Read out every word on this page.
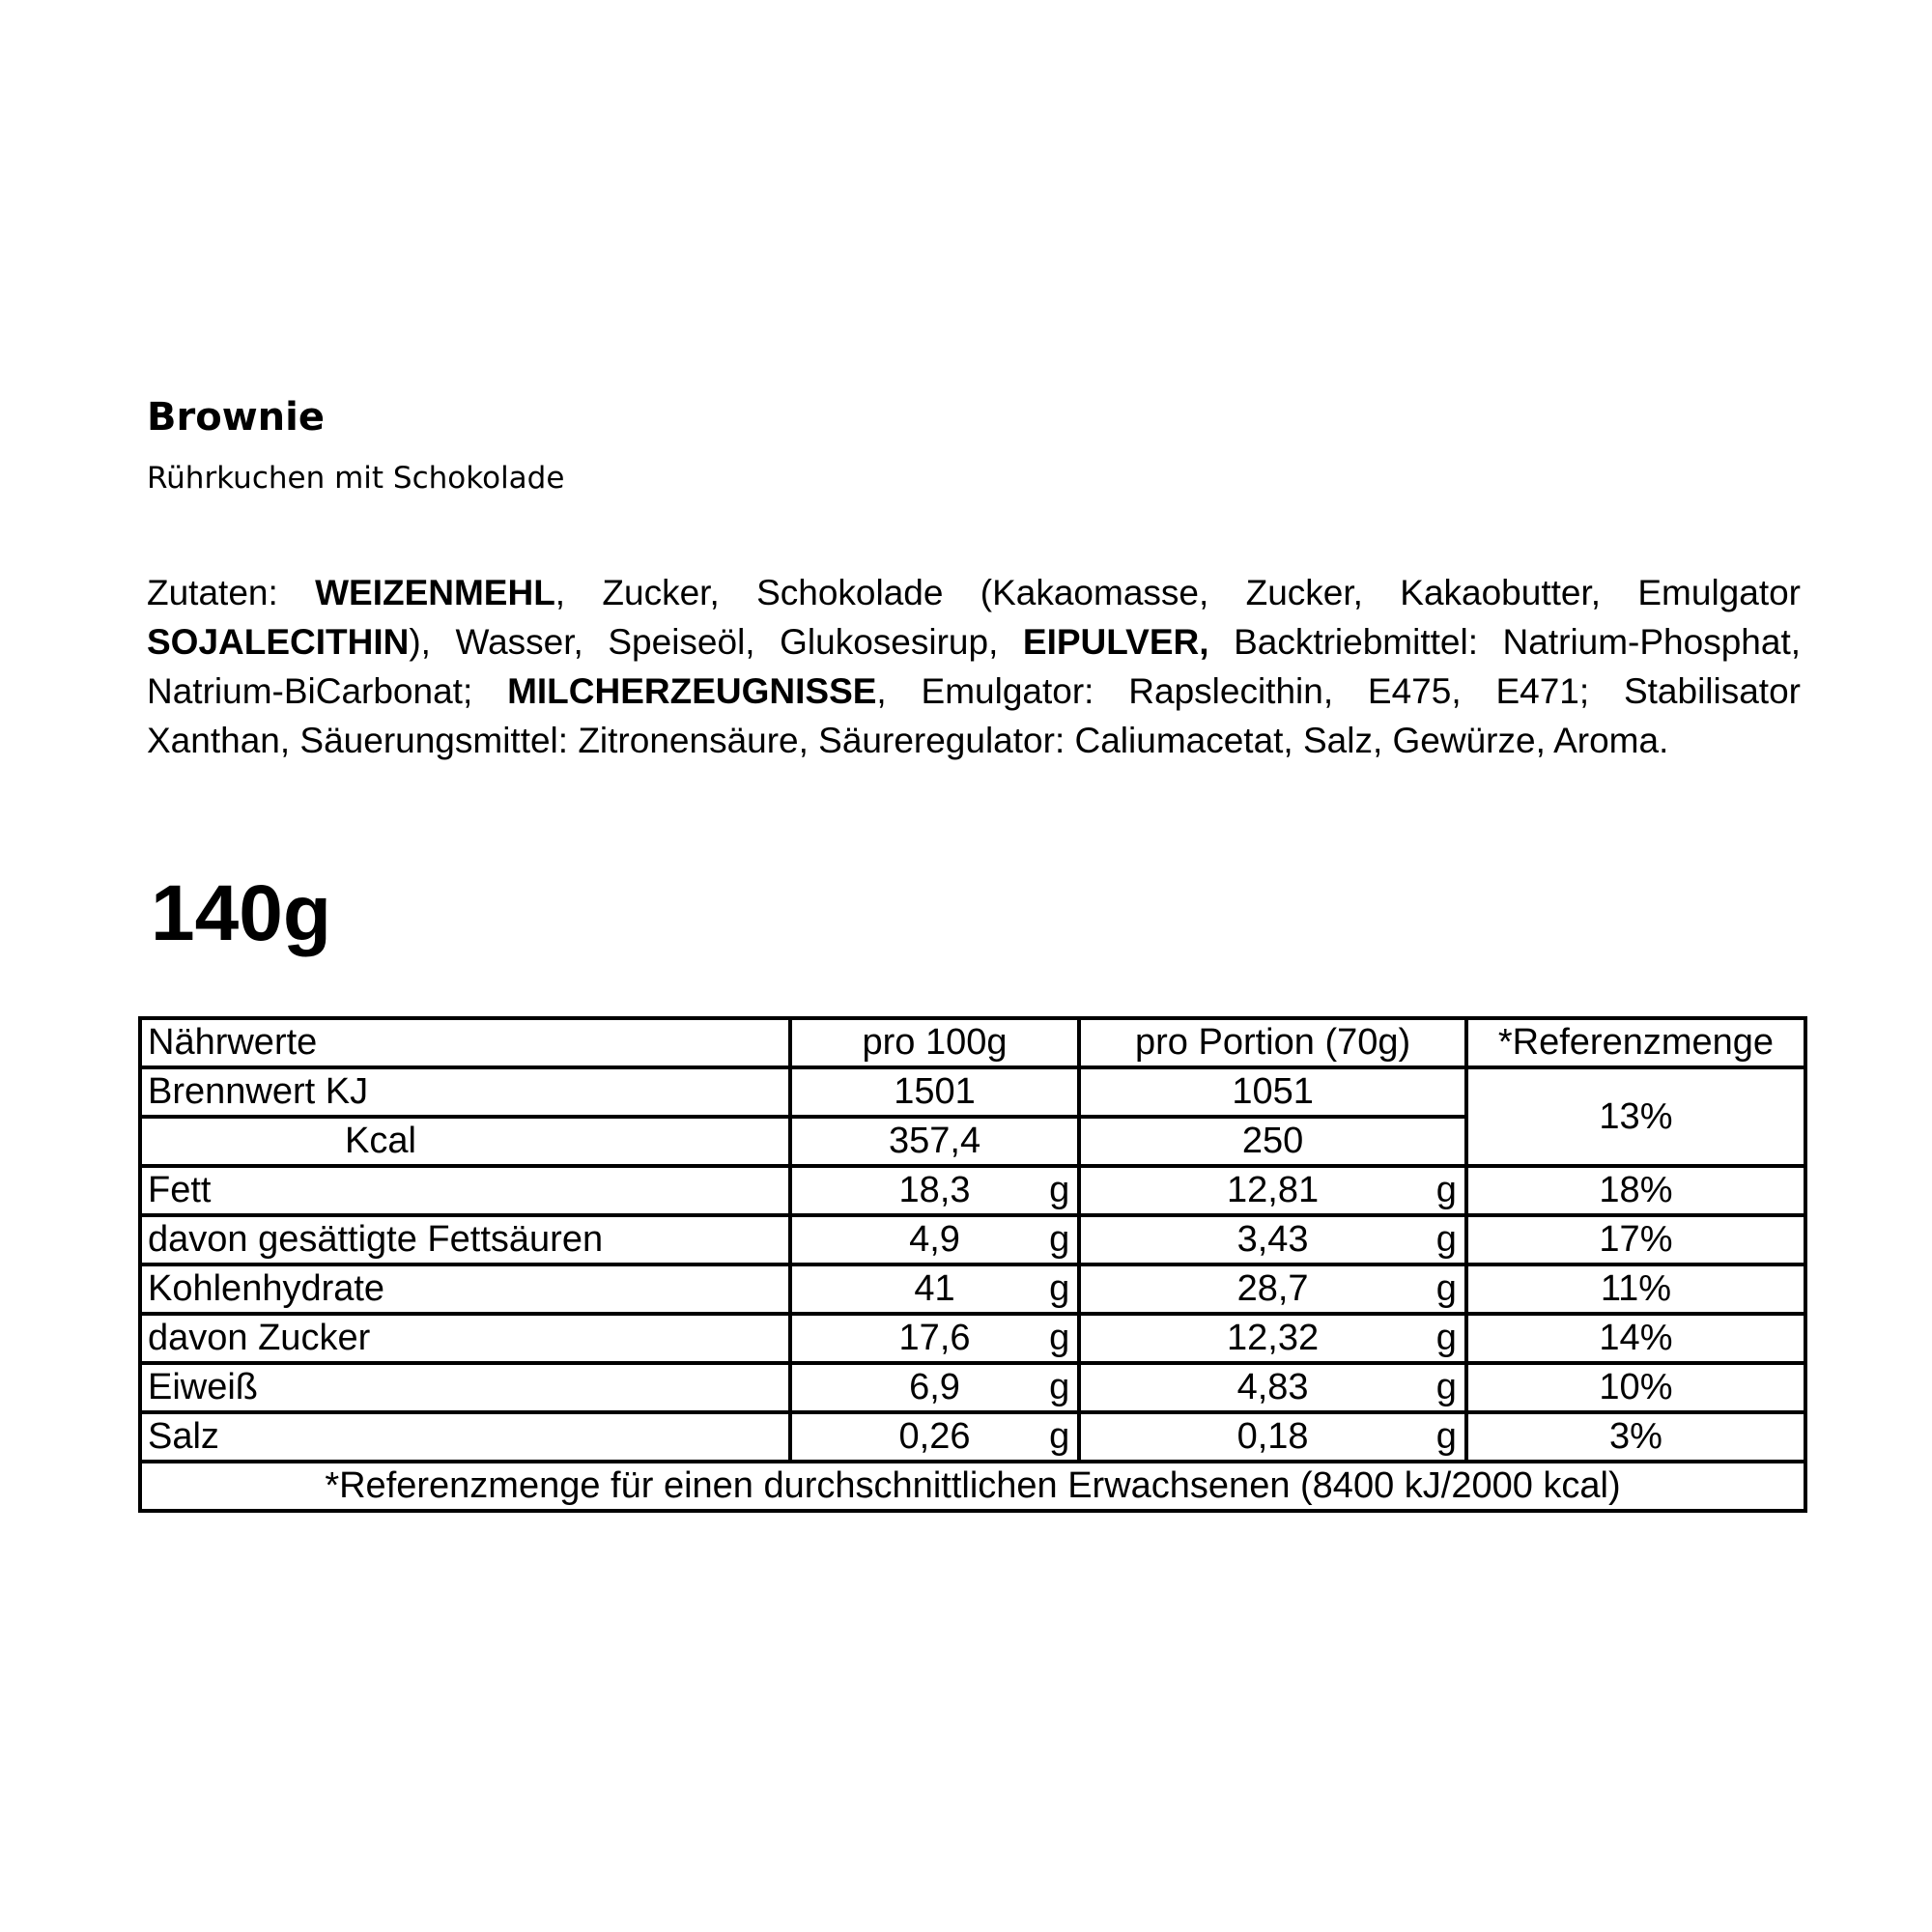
Brownie

Rührkuchen mit Schokolade

Zutaten: WEIZENMEHL, Zucker, Schokolade (Kakaomasse, Zucker, Kakaobutter, Emulgator SOJALECITHIN), Wasser, Speiseöl, Glukosesirup, EIPULVER, Backtriebmittel: Natrium-Phosphat, Natrium-BiCarbonat; MILCHERZEUGNISSE, Emulgator: Rapslecithin, E475, E471; Stabilisator Xanthan, Säuerungsmittel: Zitronensäure, Säureregulator: Caliumacetat, Salz, Gewürze, Aroma.

140g

Nährwerte	pro 100g	pro Portion (70g)	*Referenzmenge
Brennwert KJ	1501	1051	13%
Kcal	357,4	250	
Fett	18,3 g	12,81 g	18%
davon gesättigte Fettsäuren	4,9 g	3,43 g	17%
Kohlenhydrate	41 g	28,7 g	11%
davon Zucker	17,6 g	12,32 g	14%
Eiweiß	6,9 g	4,83 g	10%
Salz	0,26 g	0,18 g	3%
*Referenzmenge für einen durchschnittlichen Erwachsenen (8400 kJ/2000 kcal)			
